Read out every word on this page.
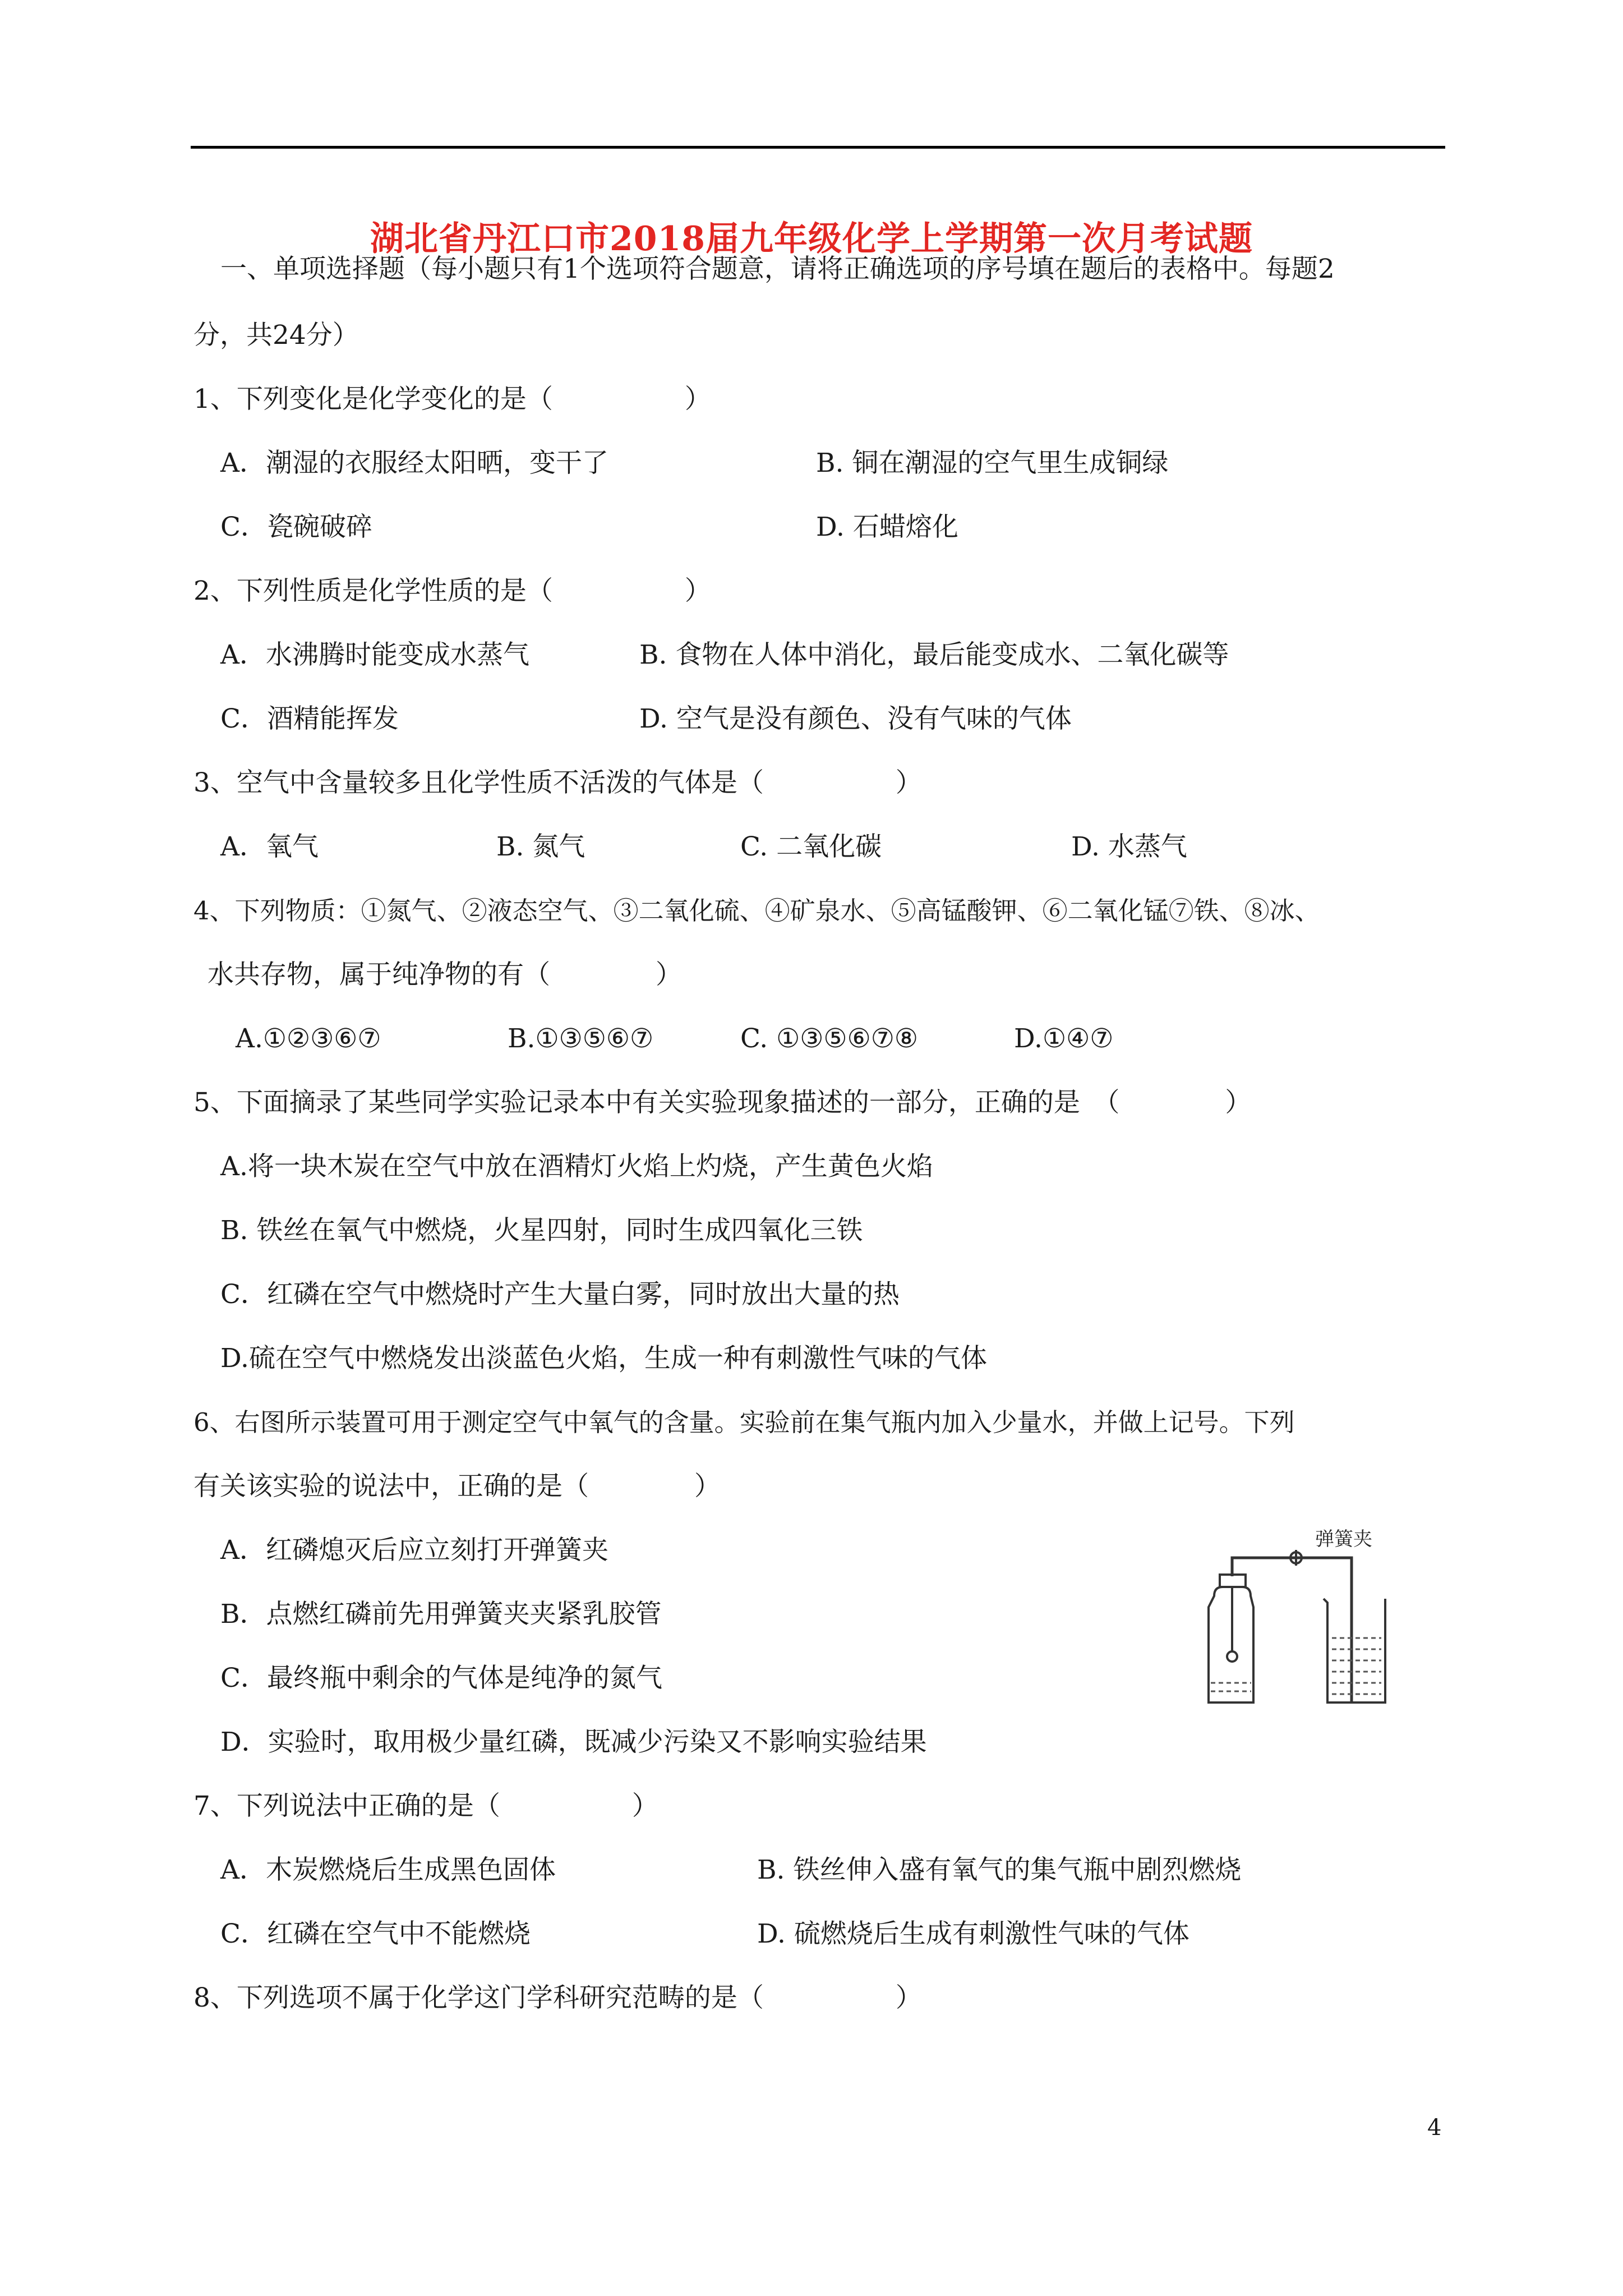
湖北省丹江口市2018届九年级化学上学期第一次月考试题
一、单项选择题（每小题只有1个选项符合题意，请将正确选项的序号填在题后的表格中。每题2
分，共24分）
1、下列变化是化学变化的是（　　　　　）
A．潮湿的衣服经太阳晒，变干了	B. 铜在潮湿的空气里生成铜绿
C．瓷碗破碎	D. 石蜡熔化
2、下列性质是化学性质的是（　　　　　）
A．水沸腾时能变成水蒸气	B. 食物在人体中消化，最后能变成水、二氧化碳等
C．酒精能挥发	D. 空气是没有颜色、没有气味的气体
3、空气中含量较多且化学性质不活泼的气体是（　　　　　）
A．氧气	B. 氮气	C. 二氧化碳	D. 水蒸气
4、下列物质：①氮气、②液态空气、③二氧化硫、④矿泉水、⑤高锰酸钾、⑥二氧化锰⑦铁、⑧冰、
水共存物，属于纯净物的有（　　　　）
A.①②③⑥⑦	B.①③⑤⑥⑦	C. ①③⑤⑥⑦⑧	D.①④⑦
5、下面摘录了某些同学实验记录本中有关实验现象描述的一部分，正确的是　（　　　　）
A.将一块木炭在空气中放在酒精灯火焰上灼烧，产生黄色火焰
B. 铁丝在氧气中燃烧，火星四射，同时生成四氧化三铁
C．红磷在空气中燃烧时产生大量白雾，同时放出大量的热
D.硫在空气中燃烧发出淡蓝色火焰，生成一种有刺激性气味的气体
6、右图所示装置可用于测定空气中氧气的含量。实验前在集气瓶内加入少量水，并做上记号。下列
有关该实验的说法中，正确的是（　　　　）
A．红磷熄灭后应立刻打开弹簧夹
B．点燃红磷前先用弹簧夹夹紧乳胶管
C．最终瓶中剩余的气体是纯净的氮气
D．实验时，取用极少量红磷，既减少污染又不影响实验结果
弹簧夹
7、下列说法中正确的是（　　　　　）
A．木炭燃烧后生成黑色固体	B. 铁丝伸入盛有氧气的集气瓶中剧烈燃烧
C．红磷在空气中不能燃烧	D. 硫燃烧后生成有刺激性气味的气体
8、下列选项不属于化学这门学科研究范畴的是（　　　　　）
4
